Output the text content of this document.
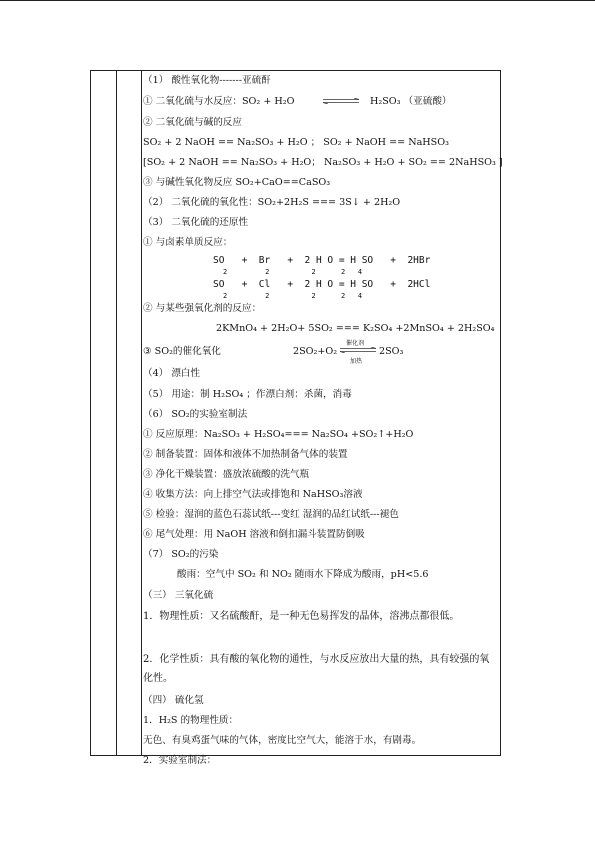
（1） 酸性氧化物-------亚硫酐
① 二氧化硫与水反应：SO₂ + H₂O	H₂SO₃ （亚硫酸）
② 二氧化硫与碱的反应
SO₂ + 2 NaOH == Na₂SO₃ + H₂O ； SO₂ + NaOH == NaHSO₃
[SO₂ + 2 NaOH == Na₂SO₃ + H₂O； Na₂SO₃ + H₂O + SO₂ == 2NaHSO₃ ]
③ 与碱性氧化物反应 SO₂+CaO==CaSO₃
（2） 二氧化硫的氧化性：SO₂+2H₂S === 3S↓ + 2H₂O
（3） 二氧化硫的还原性
① 与卤素单质反应：
SO   +  Br   +  2 H O = H SO   +  2HBr
2         2          2      2   4
SO   +  Cl   +  2 H O = H SO   +  2HCl
2         2          2      2   4
② 与某些强氧化剂的反应：
2KMnO₄ + 2H₂O+ 5SO₂ === K₂SO₄ +2MnSO₄ + 2H₂SO₄
③ SO₂的催化氧化	2SO₂+O₂
催化剂
加热
2SO₃
（4） 漂白性
（5） 用途：制 H₂SO₄ ；作漂白剂：杀菌，消毒
（6） SO₂的实验室制法
① 反应原理：Na₂SO₃ + H₂SO₄=== Na₂SO₄ +SO₂↑+H₂O
② 制备装置：固体和液体不加热制备气体的装置
③ 净化干燥装置：盛放浓硫酸的洗气瓶
④ 收集方法：向上排空气法或排饱和 NaHSO₃溶液
⑤ 检验：湿润的蓝色石蕊试纸---变红 湿润的品红试纸---褪色
⑥ 尾气处理：用 NaOH 溶液和倒扣漏斗装置防倒吸
（7） SO₂的污染
酸雨：空气中 SO₂ 和 NO₂ 随雨水下降成为酸雨，pH<5.6
（三） 三氧化硫
1．物理性质：又名硫酸酐，是一种无色易挥发的晶体，溶沸点都很低。
2．化学性质：具有酸的氧化物的通性，与水反应放出大量的热，具有较强的氧化性。
（四） 硫化氢
1．H₂S 的物理性质：
无色、有臭鸡蛋气味的气体，密度比空气大，能溶于水，有剧毒。
2．实验室制法：
